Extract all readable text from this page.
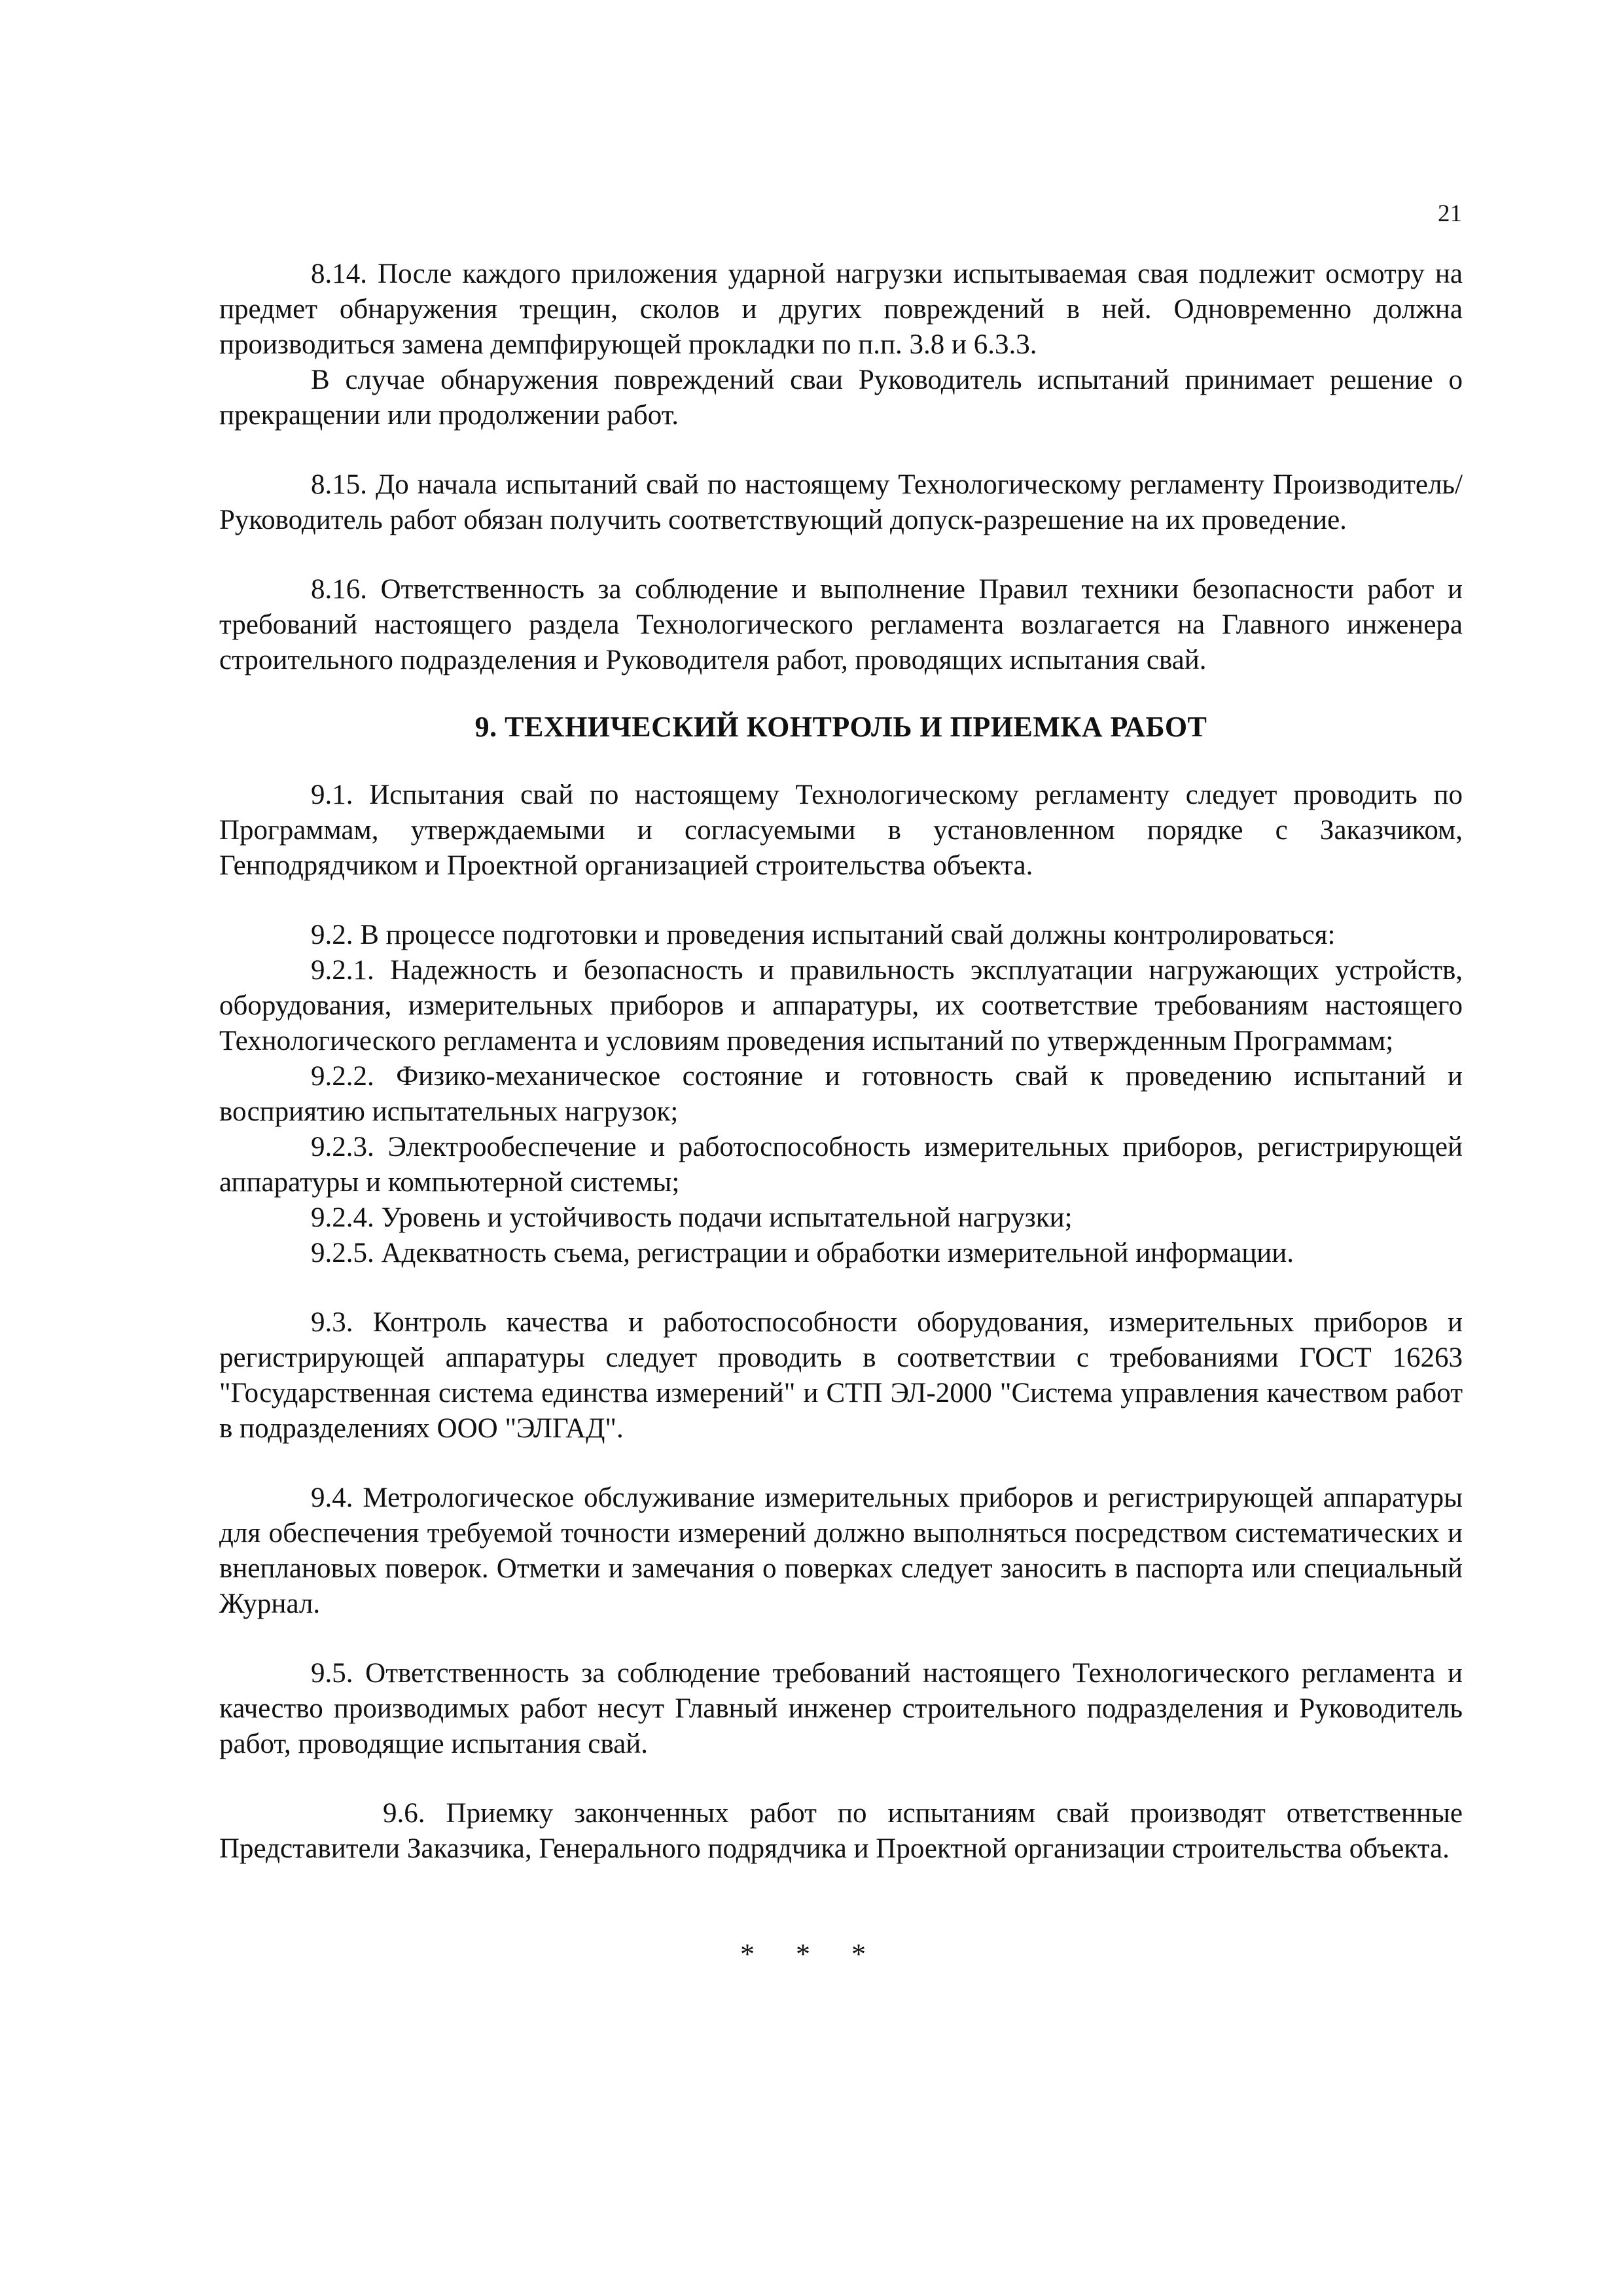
21

8.14. После каждого приложения ударной нагрузки испытываемая свая подлежит осмотру на предмет обнаружения трещин, сколов и других повреждений в ней. Одновременно должна производиться замена демпфирующей прокладки по п.п. 3.8 и 6.3.3.

В случае обнаружения повреждений сваи Руководитель испытаний принимает решение о прекращении или продолжении работ.

8.15. До начала испытаний свай по настоящему Технологическому регламенту Производитель/Руководитель работ обязан получить соответствующий допуск-разрешение на их проведение.

8.16. Ответственность за соблюдение и выполнение Правил техники безопасности работ и требований настоящего раздела Технологического регламента возлагается на Главного инженера строительного подразделения и Руководителя работ, проводящих испытания свай.

9. ТЕХНИЧЕСКИЙ КОНТРОЛЬ И ПРИЕМКА РАБОТ

9.1. Испытания свай по настоящему Технологическому регламенту следует проводить по Программам, утверждаемыми и согласуемыми в установленном порядке с Заказчиком, Генподрядчиком и Проектной организацией строительства объекта.

9.2. В процессе подготовки и проведения испытаний свай должны контролироваться:

9.2.1. Надежность и безопасность и правильность эксплуатации нагружающих устройств, оборудования, измерительных приборов и аппаратуры, их соответствие требованиям настоящего Технологического регламента и условиям проведения испытаний по утвержденным Программам;

9.2.2. Физико-механическое состояние и готовность свай к проведению испытаний и восприятию испытательных нагрузок;

9.2.3. Электрообеспечение и работоспособность измерительных приборов, регистрирующей аппаратуры и компьютерной системы;

9.2.4. Уровень и устойчивость подачи испытательной нагрузки;

9.2.5. Адекватность съема, регистрации и обработки измерительной информации.

9.3. Контроль качества и работоспособности оборудования, измерительных приборов и регистрирующей аппаратуры следует проводить в соответствии с требованиями ГОСТ 16263 "Государственная система единства измерений" и СТП ЭЛ-2000 "Система управления качеством работ в подразделениях ООО "ЭЛГАД".

9.4. Метрологическое обслуживание измерительных приборов и регистрирующей аппаратуры для обеспечения требуемой точности измерений должно выполняться посредством систематических и внеплановых поверок. Отметки и замечания о поверках следует заносить в паспорта или специальный Журнал.

9.5. Ответственность за соблюдение требований настоящего Технологического регламента и качество производимых работ несут Главный инженер строительного подразделения и Руководитель работ, проводящие испытания свай.

9.6. Приемку законченных работ по испытаниям свай производят ответственные Представители Заказчика, Генерального подрядчика и Проектной организации строительства объекта.

* * *
